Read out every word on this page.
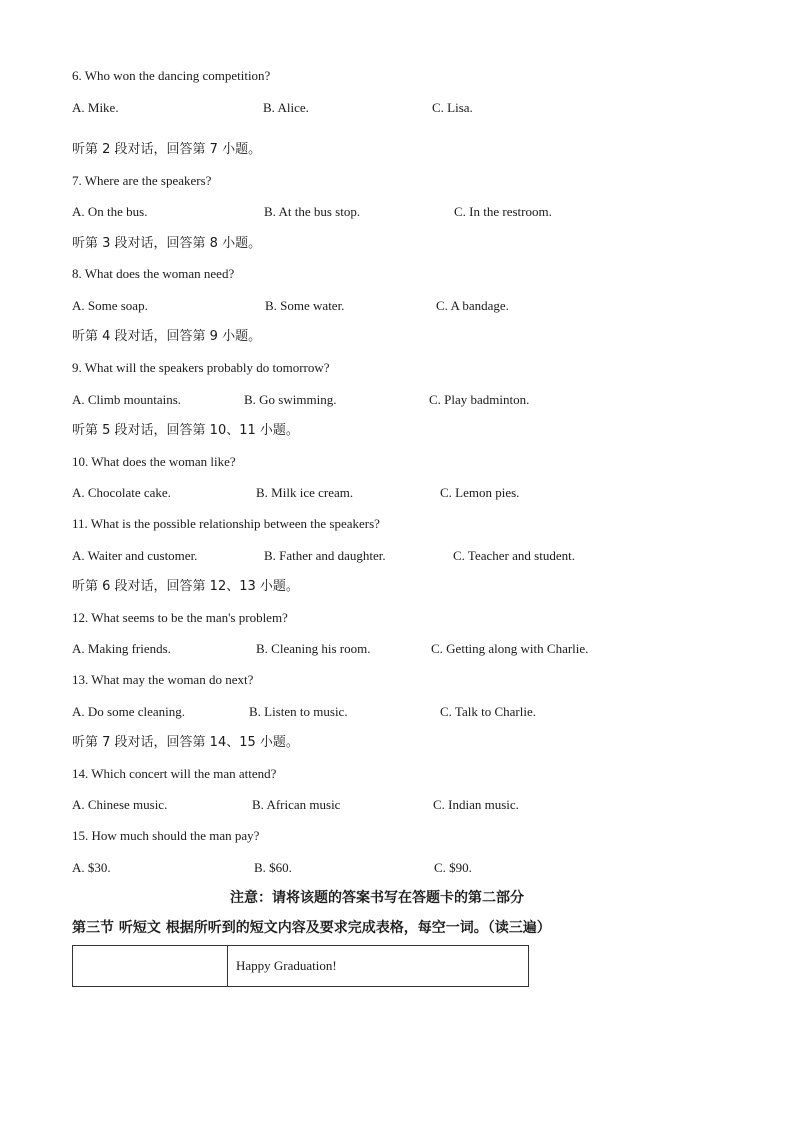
6. Who won the dancing competition?
A. Mike.	B. Alice.	C. Lisa.
听第 2 段对话，回答第 7 小题。
7. Where are the speakers?
A. On the bus.	B. At the bus stop.	C. In the restroom.
听第 3 段对话，回答第 8 小题。
8. What does the woman need?
A. Some soap.	B. Some water.	C. A bandage.
听第 4 段对话，回答第 9 小题。
9. What will the speakers probably do tomorrow?
A. Climb mountains.	B. Go swimming.	C. Play badminton.
听第 5 段对话，回答第 10、11 小题。
10. What does the woman like?
A. Chocolate cake.	B. Milk ice cream.	C. Lemon pies.
11. What is the possible relationship between the speakers?
A. Waiter and customer.	B. Father and daughter.	C. Teacher and student.
听第 6 段对话，回答第 12、13 小题。
12. What seems to be the man's problem?
A. Making friends.	B. Cleaning his room.	C. Getting along with Charlie.
13. What may the woman do next?
A. Do some cleaning.	B. Listen to music.	C. Talk to Charlie.
听第 7 段对话，回答第 14、15 小题。
14. Which concert will the man attend?
A. Chinese music.	B. African music	C. Indian music.
15. How much should the man pay?
A. $30.	B. $60.	C. $90.
注意：请将该题的答案书写在答题卡的第二部分
第三节 听短文 根据所听到的短文内容及要求完成表格，每空一词。（读三遍）
	Happy Graduation!
